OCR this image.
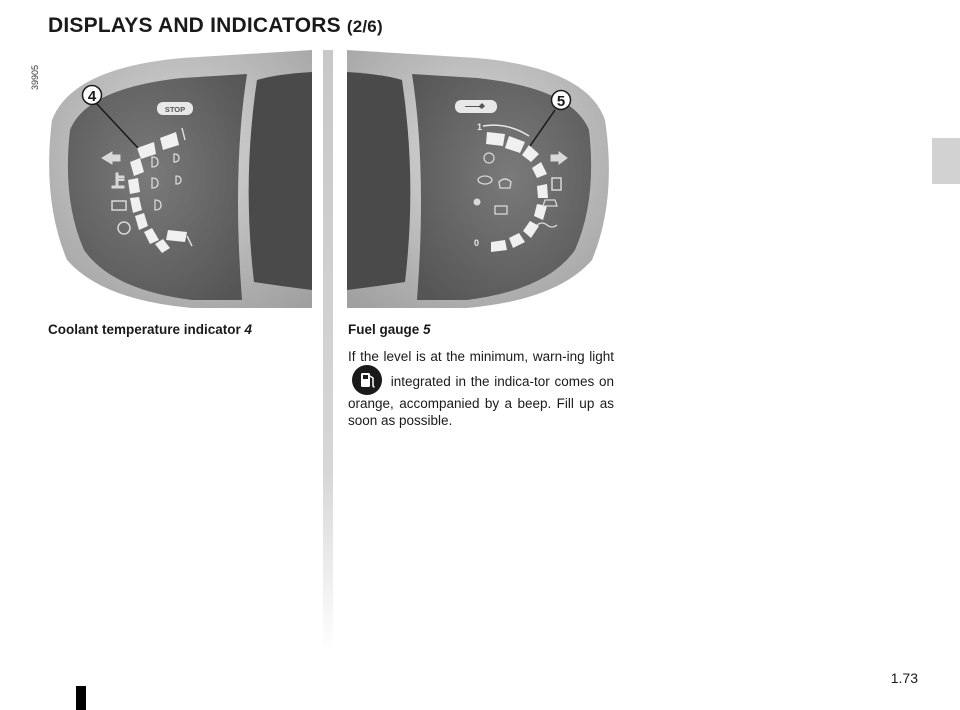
DISPLAYS AND INDICATORS (2/6)
39905
STOP
4
1
0
5
Coolant temperature indicator 4	Fuel gauge 5
If the level is at the minimum, warn-ing light
integrated in the indica-tor comes on orange, accompanied by a beep. Fill up as soon as possible.
1.73
